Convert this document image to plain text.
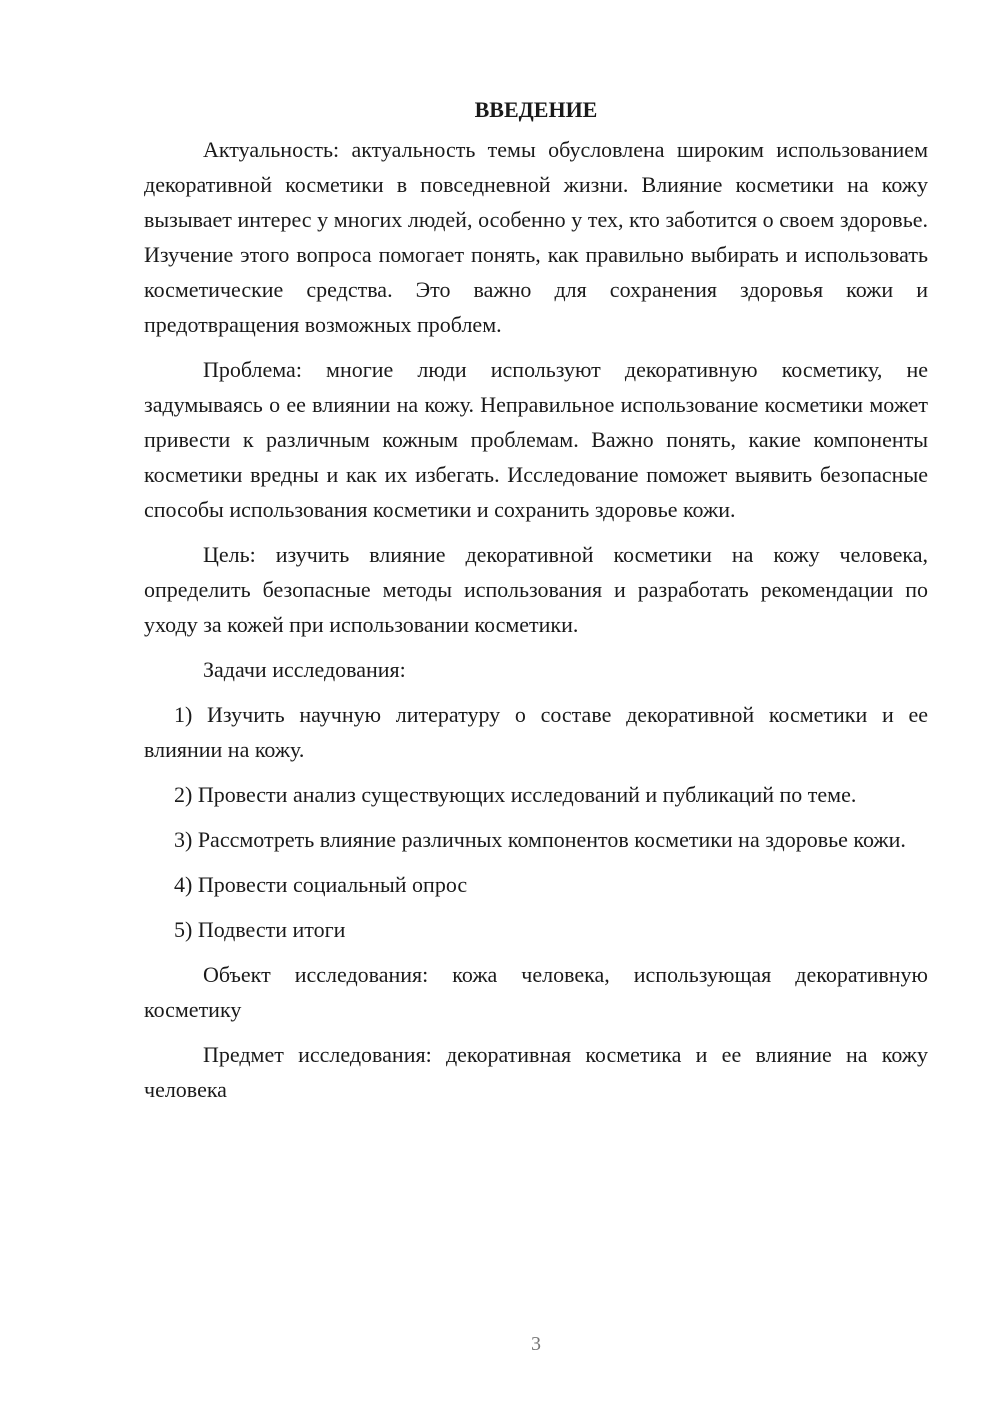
ВВЕДЕНИЕ

Актуальность: актуальность темы обусловлена широким использованием декоративной косметики в повседневной жизни. Влияние косметики на кожу вызывает интерес у многих людей, особенно у тех, кто заботится о своем здоровье. Изучение этого вопроса помогает понять, как правильно выбирать и использовать косметические средства. Это важно для сохранения здоровья кожи и предотвращения возможных проблем.

Проблема: многие люди используют декоративную косметику, не задумываясь о ее влиянии на кожу. Неправильное использование косметики может привести к различным кожным проблемам. Важно понять, какие компоненты косметики вредны и как их избегать. Исследование поможет выявить безопасные способы использования косметики и сохранить здоровье кожи.

Цель: изучить влияние декоративной косметики на кожу человека, определить безопасные методы использования и разработать рекомендации по уходу за кожей при использовании косметики.

Задачи исследования:

1) Изучить научную литературу о составе декоративной косметики и ее влиянии на кожу.

2) Провести анализ существующих исследований и публикаций по теме.

3) Рассмотреть влияние различных компонентов косметики на здоровье кожи.

4) Провести социальный опрос

5) Подвести итоги

Объект исследования: кожа человека, использующая декоративную косметику

Предмет исследования: декоративная косметика и ее влияние на кожу человека

3
